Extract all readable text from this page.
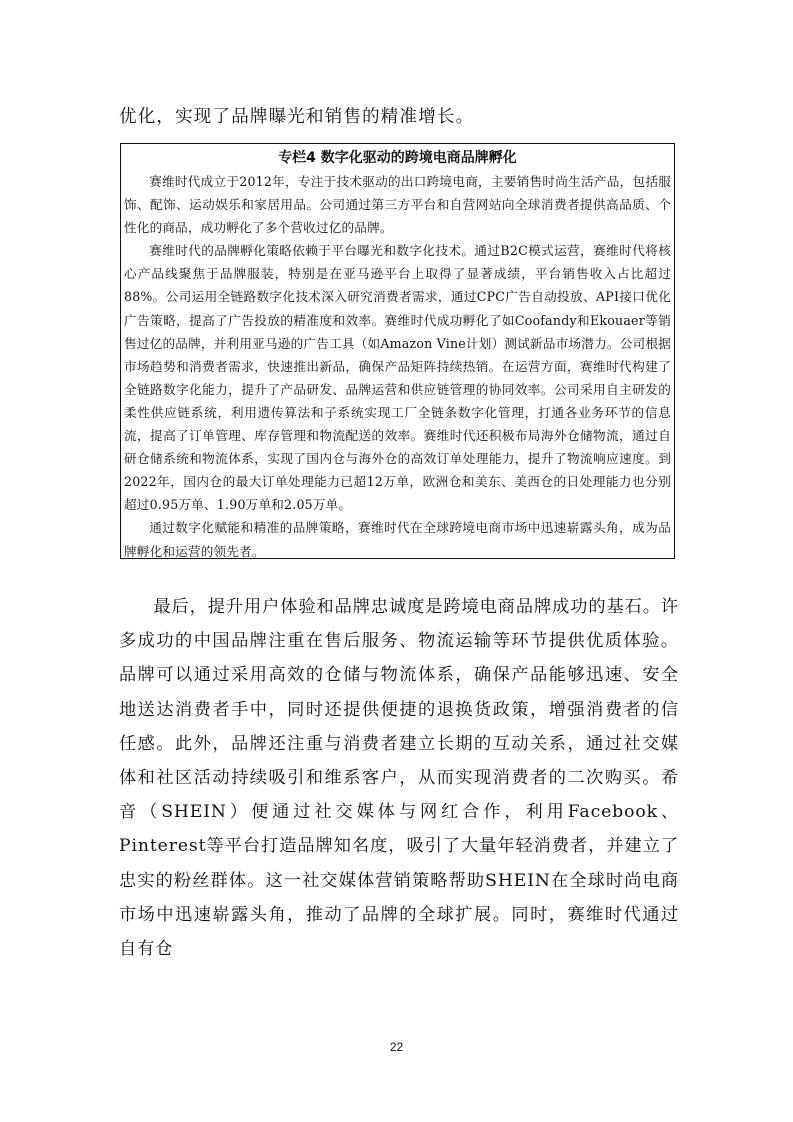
优化，实现了品牌曝光和销售的精准增长。

专栏4 数字化驱动的跨境电商品牌孵化

赛维时代成立于2012年，专注于技术驱动的出口跨境电商，主要销售时尚生活产品，包括服饰、配饰、运动娱乐和家居用品。公司通过第三方平台和自营网站向全球消费者提供高品质、个性化的商品，成功孵化了多个营收过亿的品牌。

赛维时代的品牌孵化策略依赖于平台曝光和数字化技术。通过B2C模式运营，赛维时代将核心产品线聚焦于品牌服装，特别是在亚马逊平台上取得了显著成绩，平台销售收入占比超过88%。公司运用全链路数字化技术深入研究消费者需求，通过CPC广告自动投放、API接口优化广告策略，提高了广告投放的精准度和效率。赛维时代成功孵化了如Coofandy和Ekouaer等销售过亿的品牌，并利用亚马逊的广告工具（如Amazon Vine计划）测试新品市场潜力。公司根据市场趋势和消费者需求，快速推出新品，确保产品矩阵持续热销。在运营方面，赛维时代构建了全链路数字化能力，提升了产品研发、品牌运营和供应链管理的协同效率。公司采用自主研发的柔性供应链系统，利用遗传算法和子系统实现工厂全链条数字化管理，打通各业务环节的信息流，提高了订单管理、库存管理和物流配送的效率。赛维时代还积极布局海外仓储物流，通过自研仓储系统和物流体系，实现了国内仓与海外仓的高效订单处理能力，提升了物流响应速度。到2022年，国内仓的最大订单处理能力已超12万单，欧洲仓和美东、美西仓的日处理能力也分别超过0.95万单、1.90万单和2.05万单。

通过数字化赋能和精准的品牌策略，赛维时代在全球跨境电商市场中迅速崭露头角，成为品牌孵化和运营的领先者。

最后，提升用户体验和品牌忠诚度是跨境电商品牌成功的基石。许多成功的中国品牌注重在售后服务、物流运输等环节提供优质体验。品牌可以通过采用高效的仓储与物流体系，确保产品能够迅速、安全地送达消费者手中，同时还提供便捷的退换货政策，增强消费者的信任感。此外，品牌还注重与消费者建立长期的互动关系，通过社交媒体和社区活动持续吸引和维系客户，从而实现消费者的二次购买。希音（SHEIN）便通过社交媒体与网红合作，利用Facebook、Pinterest等平台打造品牌知名度，吸引了大量年轻消费者，并建立了忠实的粉丝群体。这一社交媒体营销策略帮助SHEIN在全球时尚电商市场中迅速崭露头角，推动了品牌的全球扩展。同时，赛维时代通过自有仓

22
